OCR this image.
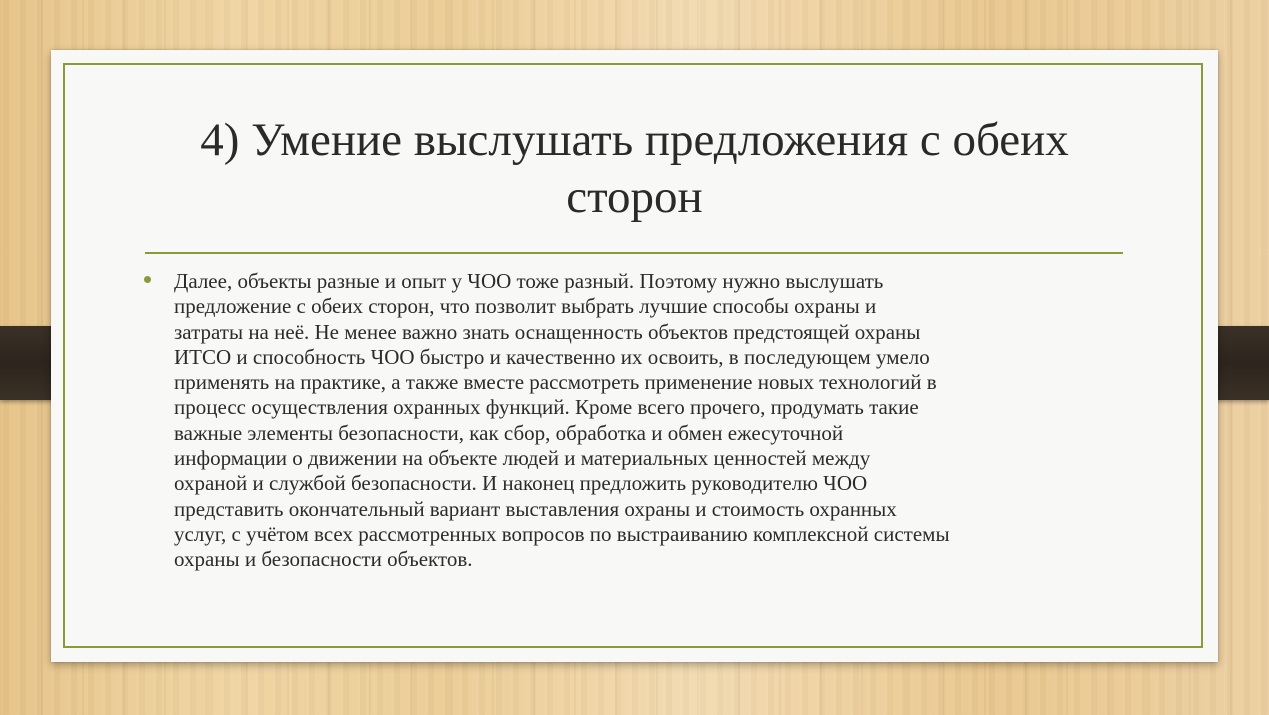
4) Умение выслушать предложения с обеих
сторон

Далее, объекты разные и опыт у ЧОО тоже разный. Поэтому нужно выслушать
предложение с обеих сторон, что позволит выбрать лучшие способы охраны и
затраты на неё. Не менее важно знать оснащенность объектов предстоящей охраны
ИТСО и способность ЧОО быстро и качественно их освоить, в последующем умело
применять на практике, а также вместе рассмотреть применение новых технологий в
процесс осуществления охранных функций. Кроме всего прочего, продумать такие
важные элементы безопасности, как сбор, обработка и обмен ежесуточной
информации о движении на объекте людей и материальных ценностей между
охраной и службой безопасности. И наконец предложить руководителю ЧОО
представить окончательный вариант выставления охраны и стоимость охранных
услуг, с учётом всех рассмотренных вопросов по выстраиванию комплексной системы
охраны и безопасности объектов.
